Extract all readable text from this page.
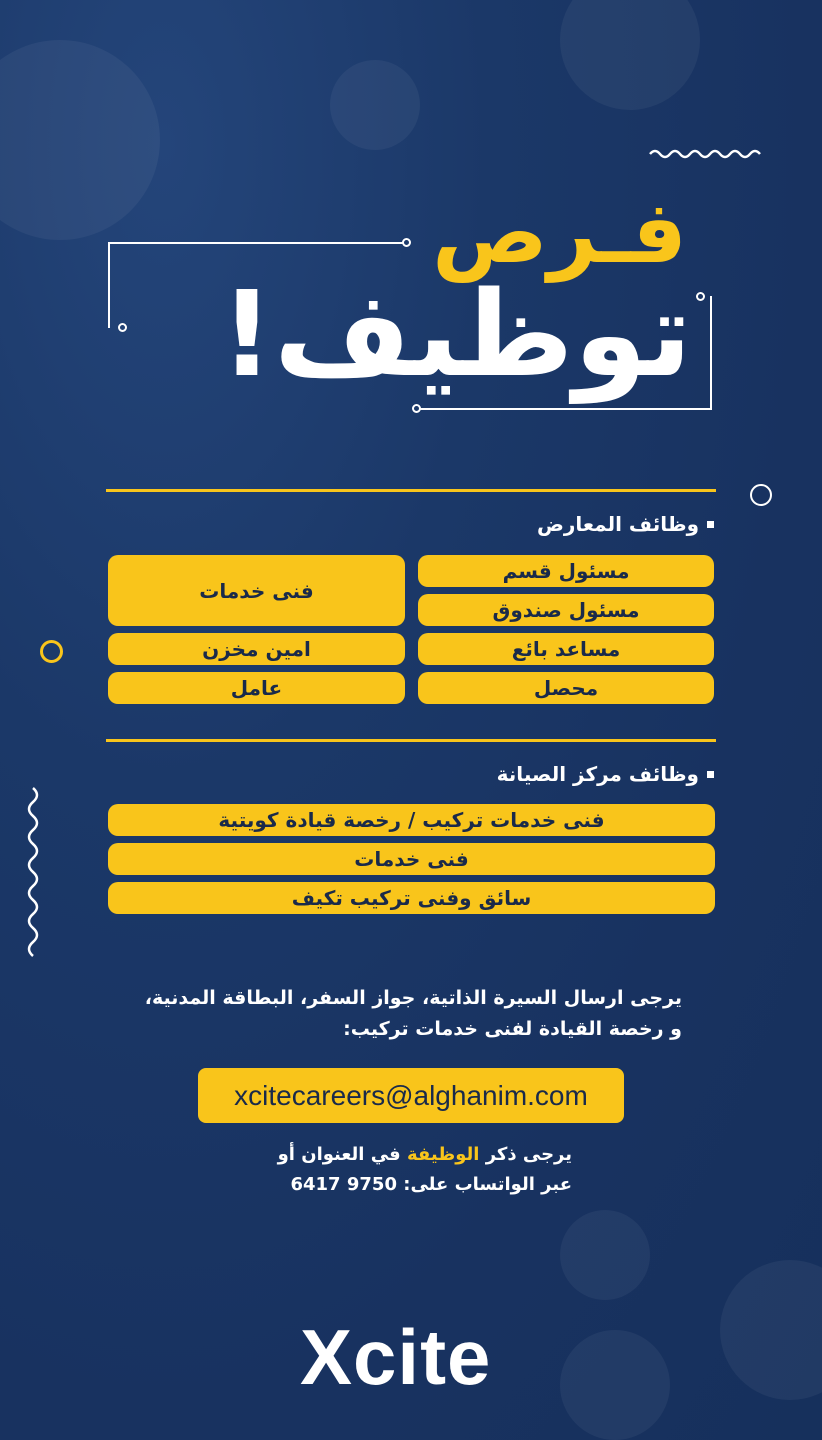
فـرص
توظيف!
وظائف المعارض
مسئول قسم
مسئول صندوق
مساعد بائع
محصل
فنى خدمات
امين مخزن
عامل
وظائف مركز الصيانة
فنى خدمات تركيب / رخصة قيادة كويتية
فنى خدمات
سائق وفنى تركيب تكيف
يرجى ارسال السيرة الذاتية، جواز السفر، البطاقة المدنية،
و رخصة القيادة لفنى خدمات تركيب:
xcitecareers@alghanim.com
يرجى ذكر الوظيفة في العنوان أو
عبر الواتساب على: 9750 6417
Xcite
